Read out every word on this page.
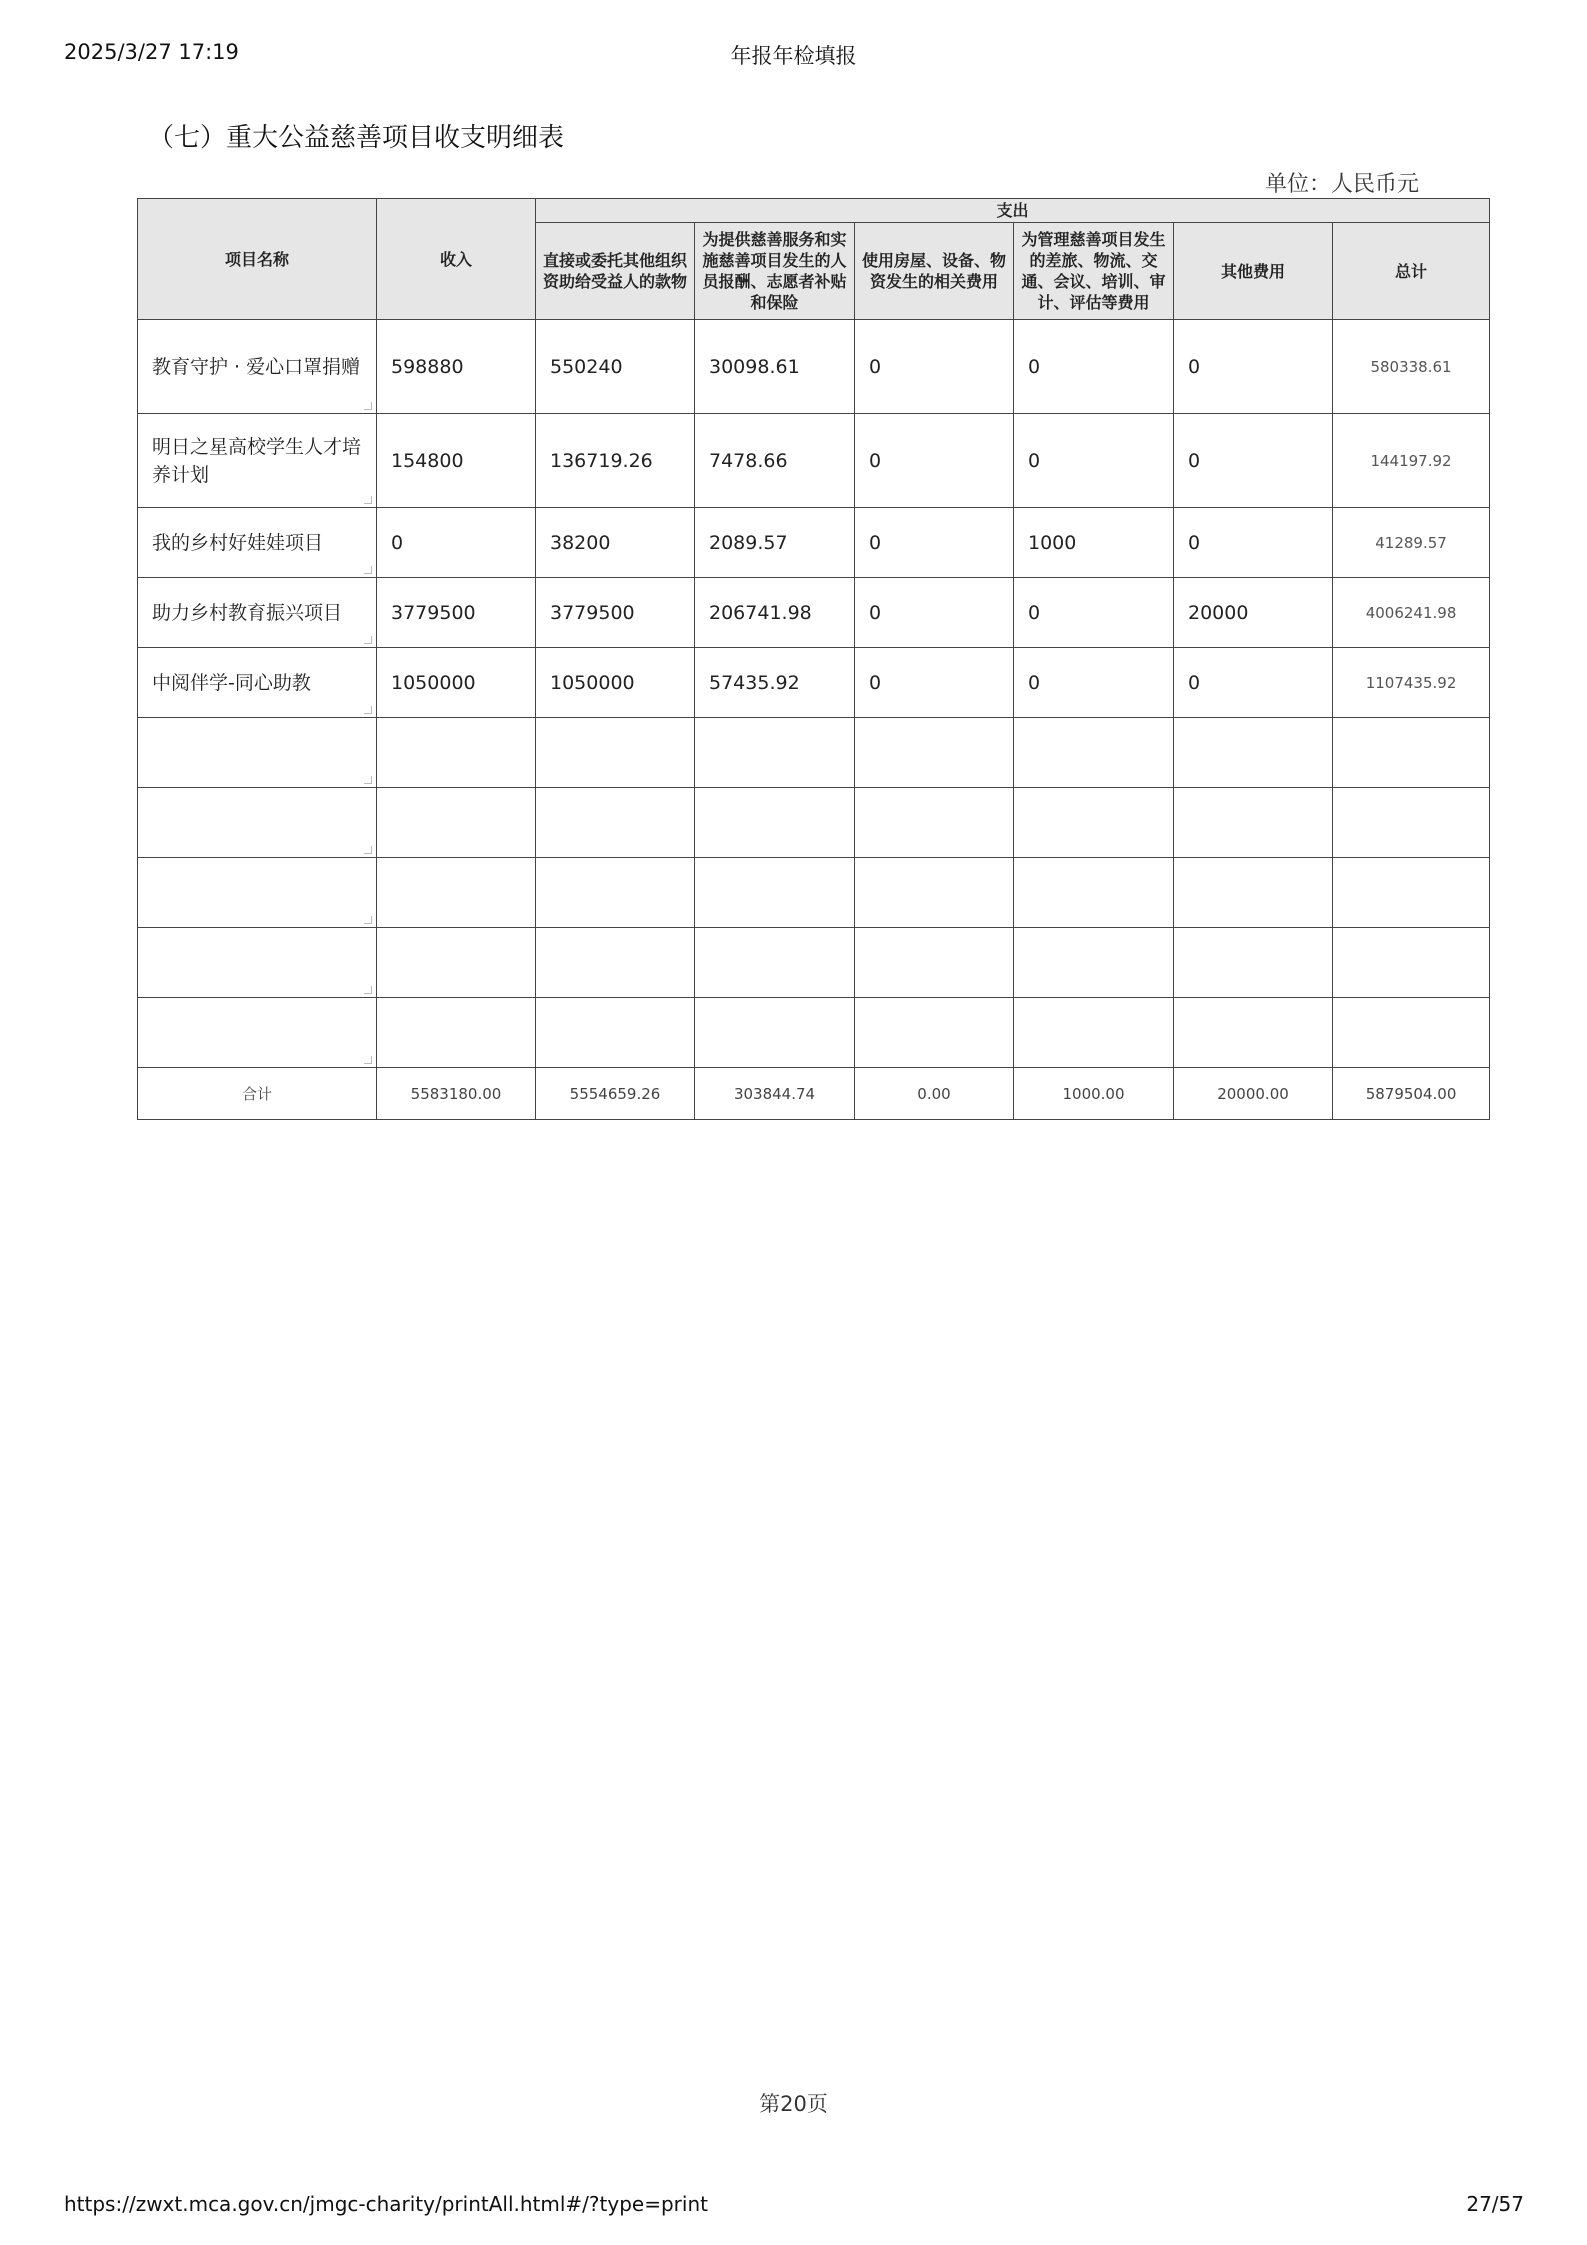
2025/3/27 17:19	年报年检填报
（七）重大公益慈善项目收支明细表
单位：人民币元
项目名称	收入	支出					
		直接或委托其他组织资助给受益人的款物	为提供慈善服务和实施慈善项目发生的人员报酬、志愿者补贴和保险	使用房屋、设备、物资发生的相关费用	为管理慈善项目发生的差旅、物流、交通、会议、培训、审计、评估等费用	其他费用	总计
教育守护 · 爱心口罩捐赠	598880	550240	30098.61	0	0	0	580338.61
明日之星高校学生人才培养计划	154800	136719.26	7478.66	0	0	0	144197.92
我的乡村好娃娃项目	0	38200	2089.57	0	1000	0	41289.57
助力乡村教育振兴项目	3779500	3779500	206741.98	0	0	20000	4006241.98
中阅伴学-同心助教	1050000	1050000	57435.92	0	0	0	1107435.92

合计	5583180.00	5554659.26	303844.74	0.00	1000.00	20000.00	5879504.00
第20页
https://zwxt.mca.gov.cn/jmgc-charity/printAll.html#/?type=print	27/57
